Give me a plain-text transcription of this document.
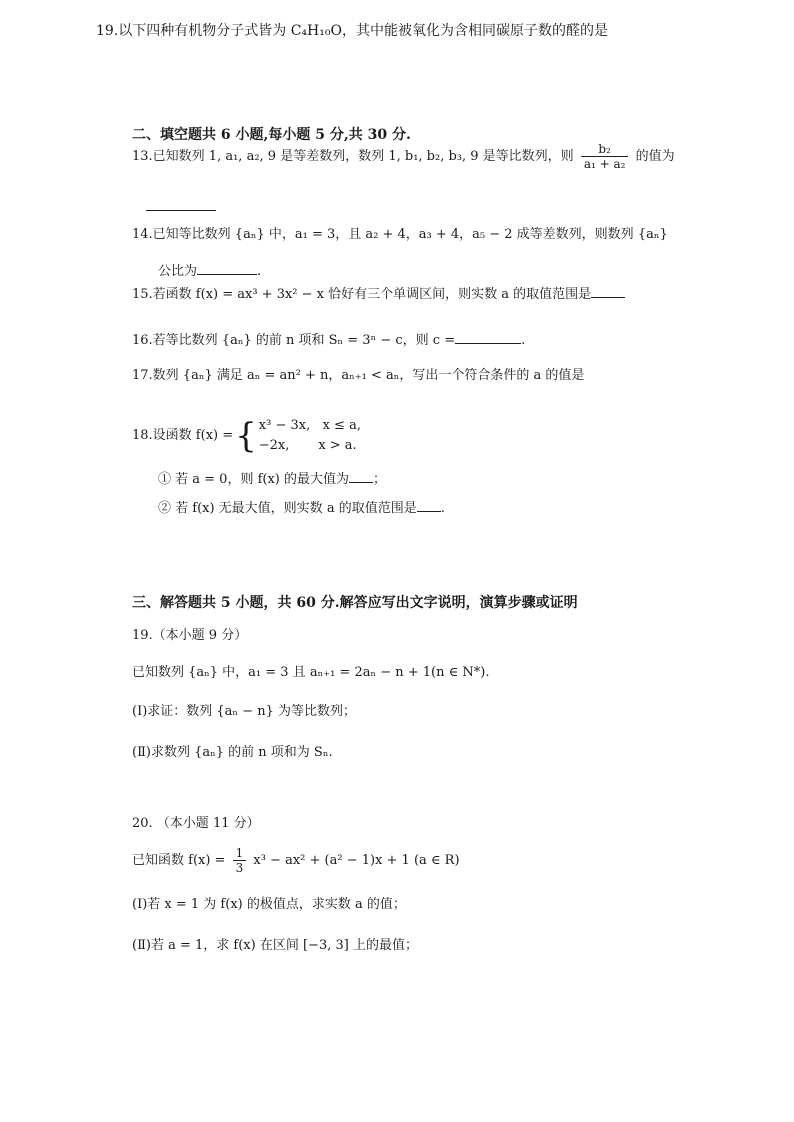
19.以下四种有机物分子式皆为 C₄H₁₀O，其中能被氧化为含相同碳原子数的醛的是
二、填空题共 6 小题,每小题 5 分,共 30 分.
13.已知数列 1, a₁, a₂, 9 是等差数列，数列 1, b₁, b₂, b₃, 9 是等比数列，则 $\frac{\text{b₂}}{\text{a₁ + a₂}}$ 的值为
14.已知等比数列 {aₙ} 中，a₁ = 3，且 a₂ + 4，a₃ + 4，a₅ − 2 成等差数列，则数列 {aₙ}
公比为	.
15.若函数 f(x) = ax³ + 3x² − x 恰好有三个单调区间，则实数 a 的取值范围是
16.若等比数列 {aₙ} 的前 n 项和 Sₙ = 3ⁿ − c，则 c =	.
17.数列 {aₙ} 满足 aₙ = an² + n，aₙ₊₁ < aₙ，写出一个符合条件的 a 的值是
18.设函数 f(x) = { x³ − 3x,   x ≤ a,
−2x,       x > a.
① 若 a = 0，则 f(x) 的最大值为 ；
② 若 f(x) 无最大值，则实数 a 的取值范围是 .
三、解答题共 5 小题，共 60 分.解答应写出文字说明，演算步骤或证明
19.（本小题 9 分）
已知数列 {aₙ} 中，a₁ = 3 且 aₙ₊₁ = 2aₙ − n + 1(n ∈ N*).
(Ⅰ)求证：数列 {aₙ − n} 为等比数列；
(Ⅱ)求数列 {aₙ} 的前 n 项和为 Sₙ.
20. （本小题 11 分）
已知函数 $f(x) = \frac{1}{3} x^3 - ax^2 + (a^2 - 1)x + 1$ (a ∈ R)
(Ⅰ)若 x = 1 为 f(x) 的极值点，求实数 a 的值；
(Ⅱ)若 a = 1，求 f(x) 在区间 [−3, 3] 上的最值；
